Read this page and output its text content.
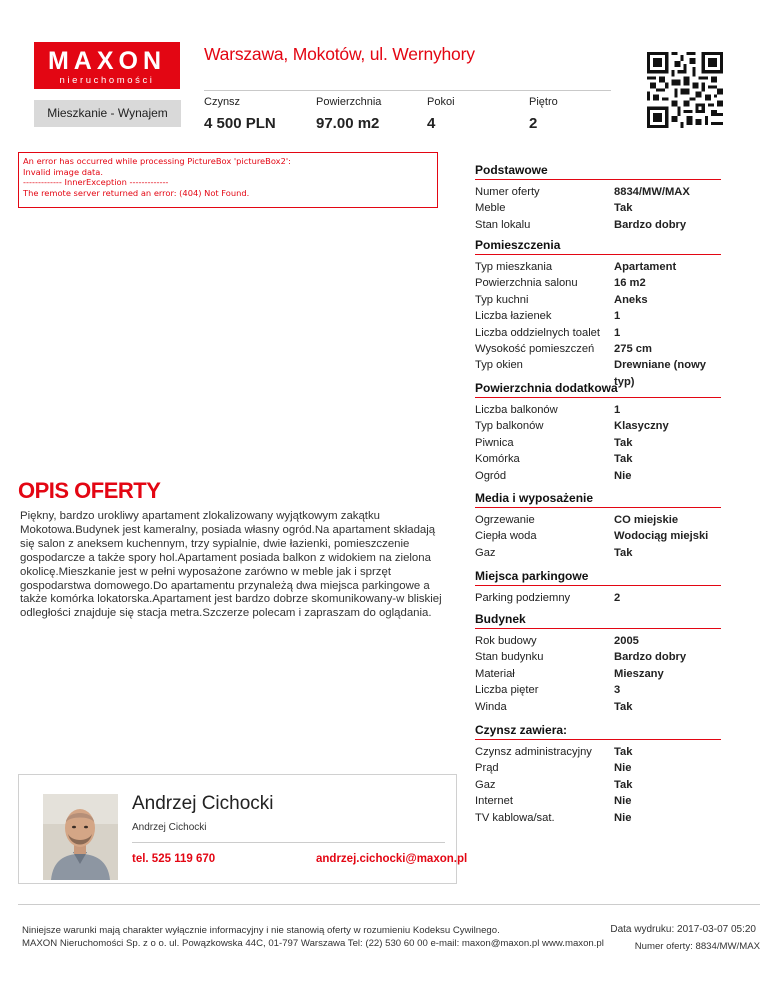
MAXON
nieruchomości
Warszawa, Mokotów, ul. Wernyhory
Mieszkanie - Wynajem
Czynsz
4 500 PLN
Powierzchnia
97.00 m2
Pokoi
4
Piętro
2
An error has occurred while processing PictureBox 'pictureBox2':
Invalid image data.
------------- InnerException -------------
The remote server returned an error: (404) Not Found.
OPIS OFERTY
Piękny, bardzo urokliwy apartament zlokalizowany wyjątkowym zakątku
Mokotowa.Budynek jest kameralny, posiada własny ogród.Na apartament składają
się salon z aneksem kuchennym, trzy sypialnie, dwie łazienki, pomieszczenie
gospodarcze a także spory hol.Apartament posiada balkon z widokiem na zielona
okolicę.Mieszkanie jest w pełni wyposażone zarówno w meble jak i sprzęt
gospodarstwa domowego.Do apartamentu przynależą dwa miejsca parkingowe a
także komórka lokatorska.Apartament jest bardzo dobrze skomunikowany-w bliskiej
odległości znajduje się stacja metra.Szczerze polecam i zapraszam do oglądania.
Podstawowe
Numer oferty	8834/MW/MAX
Meble	Tak
Stan lokalu	Bardzo dobry
Pomieszczenia
Typ mieszkania	Apartament
Powierzchnia salonu	16 m2
Typ kuchni	Aneks
Liczba łazienek	1
Liczba oddzielnych toalet 1
Wysokość pomieszczeń 275 cm
Typ okien	Drewniane (nowy typ)
Powierzchnia dodatkowa
Liczba balkonów	1
Typ balkonów	Klasyczny
Piwnica	Tak
Komórka	Tak
Ogród	Nie
Media i wyposażenie
Ogrzewanie	CO miejskie
Ciepła woda	Wodociąg miejski
Gaz	Tak
Miejsca parkingowe
Parking podziemny	2
Budynek
Rok budowy	2005
Stan budynku	Bardzo dobry
Materiał	Mieszany
Liczba pięter	3
Winda	Tak
Czynsz zawiera:
Czynsz administracyjny Tak
Prąd	Nie
Gaz	Tak
Internet	Nie
TV kablowa/sat.	Nie
Andrzej Cichocki
Andrzej Cichocki
tel. 525 119 670	andrzej.cichocki@maxon.pl
Niniejsze warunki mają charakter wyłącznie informacyjny i nie stanowią oferty w rozumieniu Kodeksu Cywilnego.
MAXON Nieruchomości Sp. z o o. ul. Powązkowska 44C, 01-797 Warszawa Tel: (22) 530 60 00 e-mail: maxon@maxon.pl www.maxon.pl
Data wydruku: 2017-03-07 05:20
Numer oferty: 8834/MW/MAX
